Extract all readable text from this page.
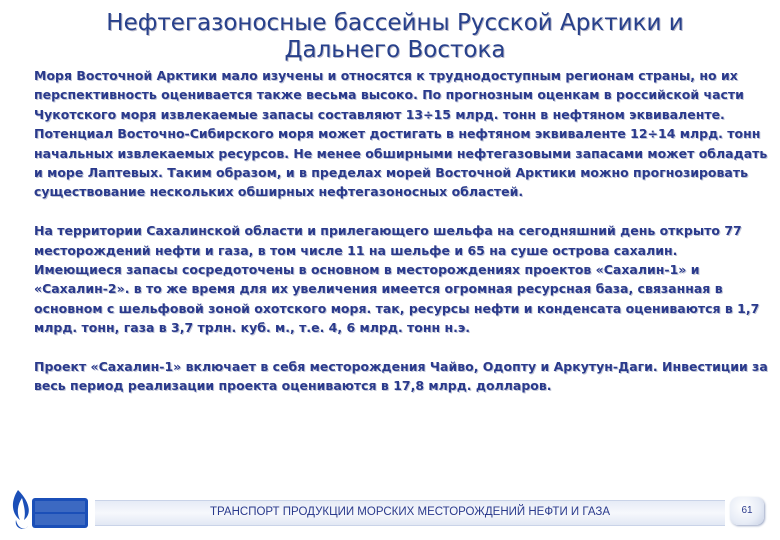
Нефтегазоносные бассейны Русской Арктики и Дальнего Востока

Моря Восточной Арктики мало изучены и относятся к труднодоступным регионам страны, но их перспективность оценивается также весьма высоко. По прогнозным оценкам в российской части Чукотского моря извлекаемые запасы составляют 13÷15 млрд. тонн в нефтяном эквиваленте. Потенциал Восточно-Сибирского моря может достигать в нефтяном эквиваленте 12÷14 млрд. тонн начальных извлекаемых ресурсов. Не менее обширными нефтегазовыми запасами может обладать и море Лаптевых. Таким образом, и в пределах морей Восточной Арктики можно прогнозировать существование нескольких обширных нефтегазоносных областей.

На территории Сахалинской области и прилегающего шельфа на сегодняшний день открыто 77 месторождений нефти и газа, в том числе 11 на шельфе и 65 на суше острова сахалин. Имеющиеся запасы сосредоточены в основном в месторождениях проектов «Сахалин-1» и «Сахалин-2». в то же время для их увеличения имеется огромная ресурсная база, связанная в основном с шельфовой зоной охотского моря. так, ресурсы нефти и конденсата оцениваются в 1,7 млрд. тонн, газа в 3,7 трлн. куб. м., т.е. 4, 6 млрд. тонн н.э.

Проект «Сахалин-1» включает в себя месторождения Чайво, Одопту и Аркутун-Даги. Инвестиции за весь период реализации проекта оцениваются в 17,8 млрд. долларов.

ТРАНСПОРТ ПРОДУКЦИИ МОРСКИХ МЕСТОРОЖДЕНИЙ НЕФТИ И ГАЗА	61
